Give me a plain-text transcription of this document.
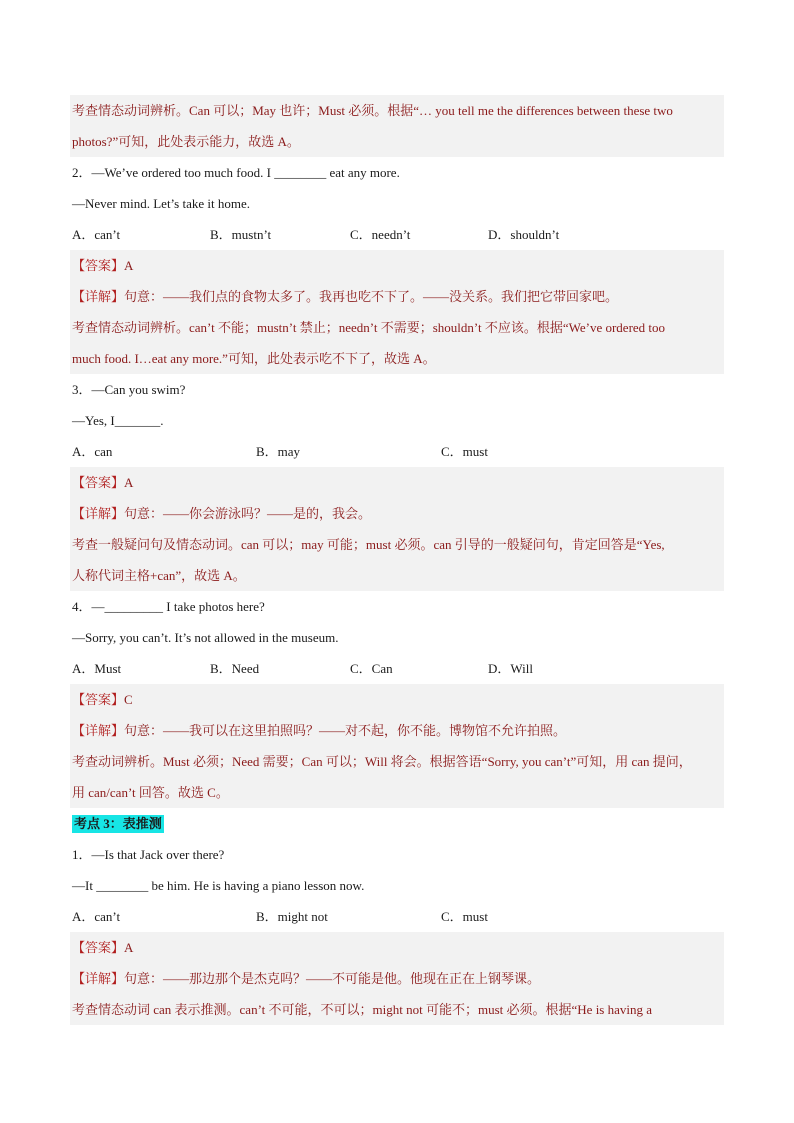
考查情态动词辨析。Can 可以；May 也许；Must 必须。根据“… you tell me the differences between these two
photos?”可知，此处表示能力，故选 A。
2．—We’ve ordered too much food. I ________ eat any more.
—Never mind. Let’s take it home.
A．can’t	B．mustn’t	C．needn’t	D．shouldn’t
【答案】A
【详解】句意：——我们点的食物太多了。我再也吃不下了。——没关系。我们把它带回家吧。
考查情态动词辨析。can’t 不能；mustn’t 禁止；needn’t 不需要；shouldn’t 不应该。根据“We’ve ordered too
much food. I…eat any more.”可知，此处表示吃不下了，故选 A。
3．—Can you swim?
—Yes, I_______.
A．can	B．may	C．must
【答案】A
【详解】句意：——你会游泳吗？——是的，我会。
考查一般疑问句及情态动词。can 可以；may 可能；must 必须。can 引导的一般疑问句，肯定回答是“Yes,
人称代词主格+can”，故选 A。
4．—_________ I take photos here?
—Sorry, you can’t. It’s not allowed in the museum.
A．Must	B．Need	C．Can	D．Will
【答案】C
【详解】句意：——我可以在这里拍照吗？——对不起，你不能。博物馆不允许拍照。
考查动词辨析。Must 必须；Need 需要；Can 可以；Will 将会。根据答语“Sorry, you can’t”可知，用 can 提问，
用 can/can’t 回答。故选 C。
考点 3：表推测
1．—Is that Jack over there?
—It ________ be him. He is having a piano lesson now.
A．can’t	B．might not	C．must
【答案】A
【详解】句意：——那边那个是杰克吗？——不可能是他。他现在正在上钢琴课。
考查情态动词 can 表示推测。can’t 不可能，不可以；might not 可能不；must 必须。根据“He is having a
